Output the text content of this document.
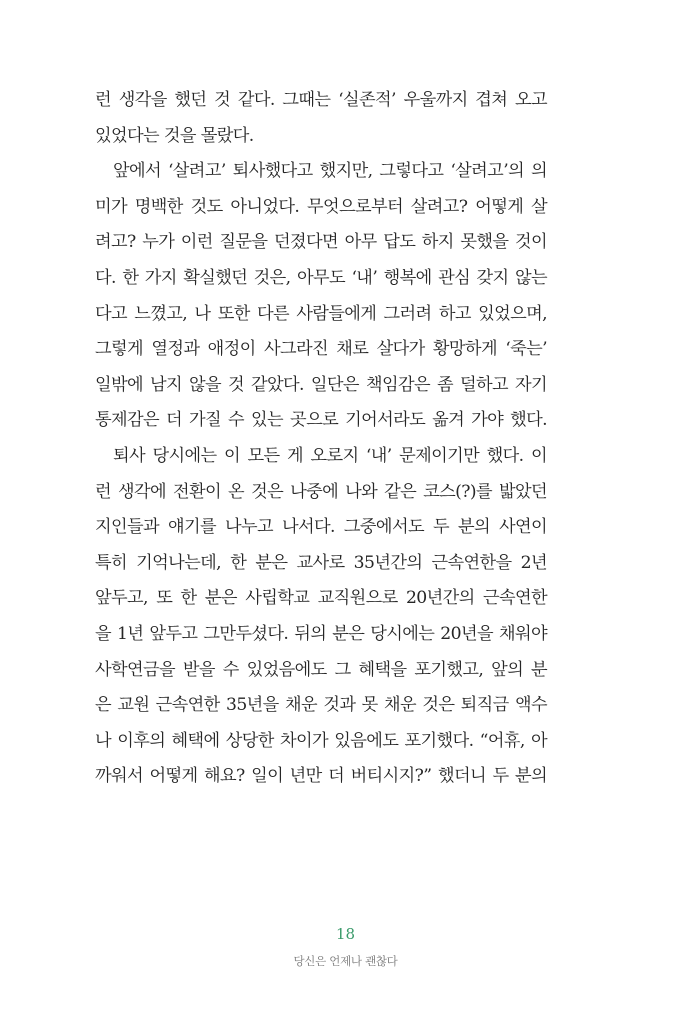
런 생각을 했던 것 같다. 그때는 ‘실존적’ 우울까지 겹쳐 오고
있었다는 것을 몰랐다.
앞에서 ‘살려고’ 퇴사했다고 했지만, 그렇다고 ‘살려고’의 의
미가 명백한 것도 아니었다. 무엇으로부터 살려고? 어떻게 살
려고? 누가 이런 질문을 던졌다면 아무 답도 하지 못했을 것이
다. 한 가지 확실했던 것은, 아무도 ‘내’ 행복에 관심 갖지 않는
다고 느꼈고, 나 또한 다른 사람들에게 그러려 하고 있었으며,
그렇게 열정과 애정이 사그라진 채로 살다가 황망하게 ‘죽는’
일밖에 남지 않을 것 같았다. 일단은 책임감은 좀 덜하고 자기
통제감은 더 가질 수 있는 곳으로 기어서라도 옮겨 가야 했다.
퇴사 당시에는 이 모든 게 오로지 ‘내’ 문제이기만 했다. 이
런 생각에 전환이 온 것은 나중에 나와 같은 코스(?)를 밟았던
지인들과 얘기를 나누고 나서다. 그중에서도 두 분의 사연이
특히 기억나는데, 한 분은 교사로 35년간의 근속연한을 2년
앞두고, 또 한 분은 사립학교 교직원으로 20년간의 근속연한
을 1년 앞두고 그만두셨다. 뒤의 분은 당시에는 20년을 채워야
사학연금을 받을 수 있었음에도 그 혜택을 포기했고, 앞의 분
은 교원 근속연한 35년을 채운 것과 못 채운 것은 퇴직금 액수
나 이후의 혜택에 상당한 차이가 있음에도 포기했다. “어휴, 아
까워서 어떻게 해요? 일이 년만 더 버티시지?” 했더니 두 분의
18
당신은 언제나 괜찮다
